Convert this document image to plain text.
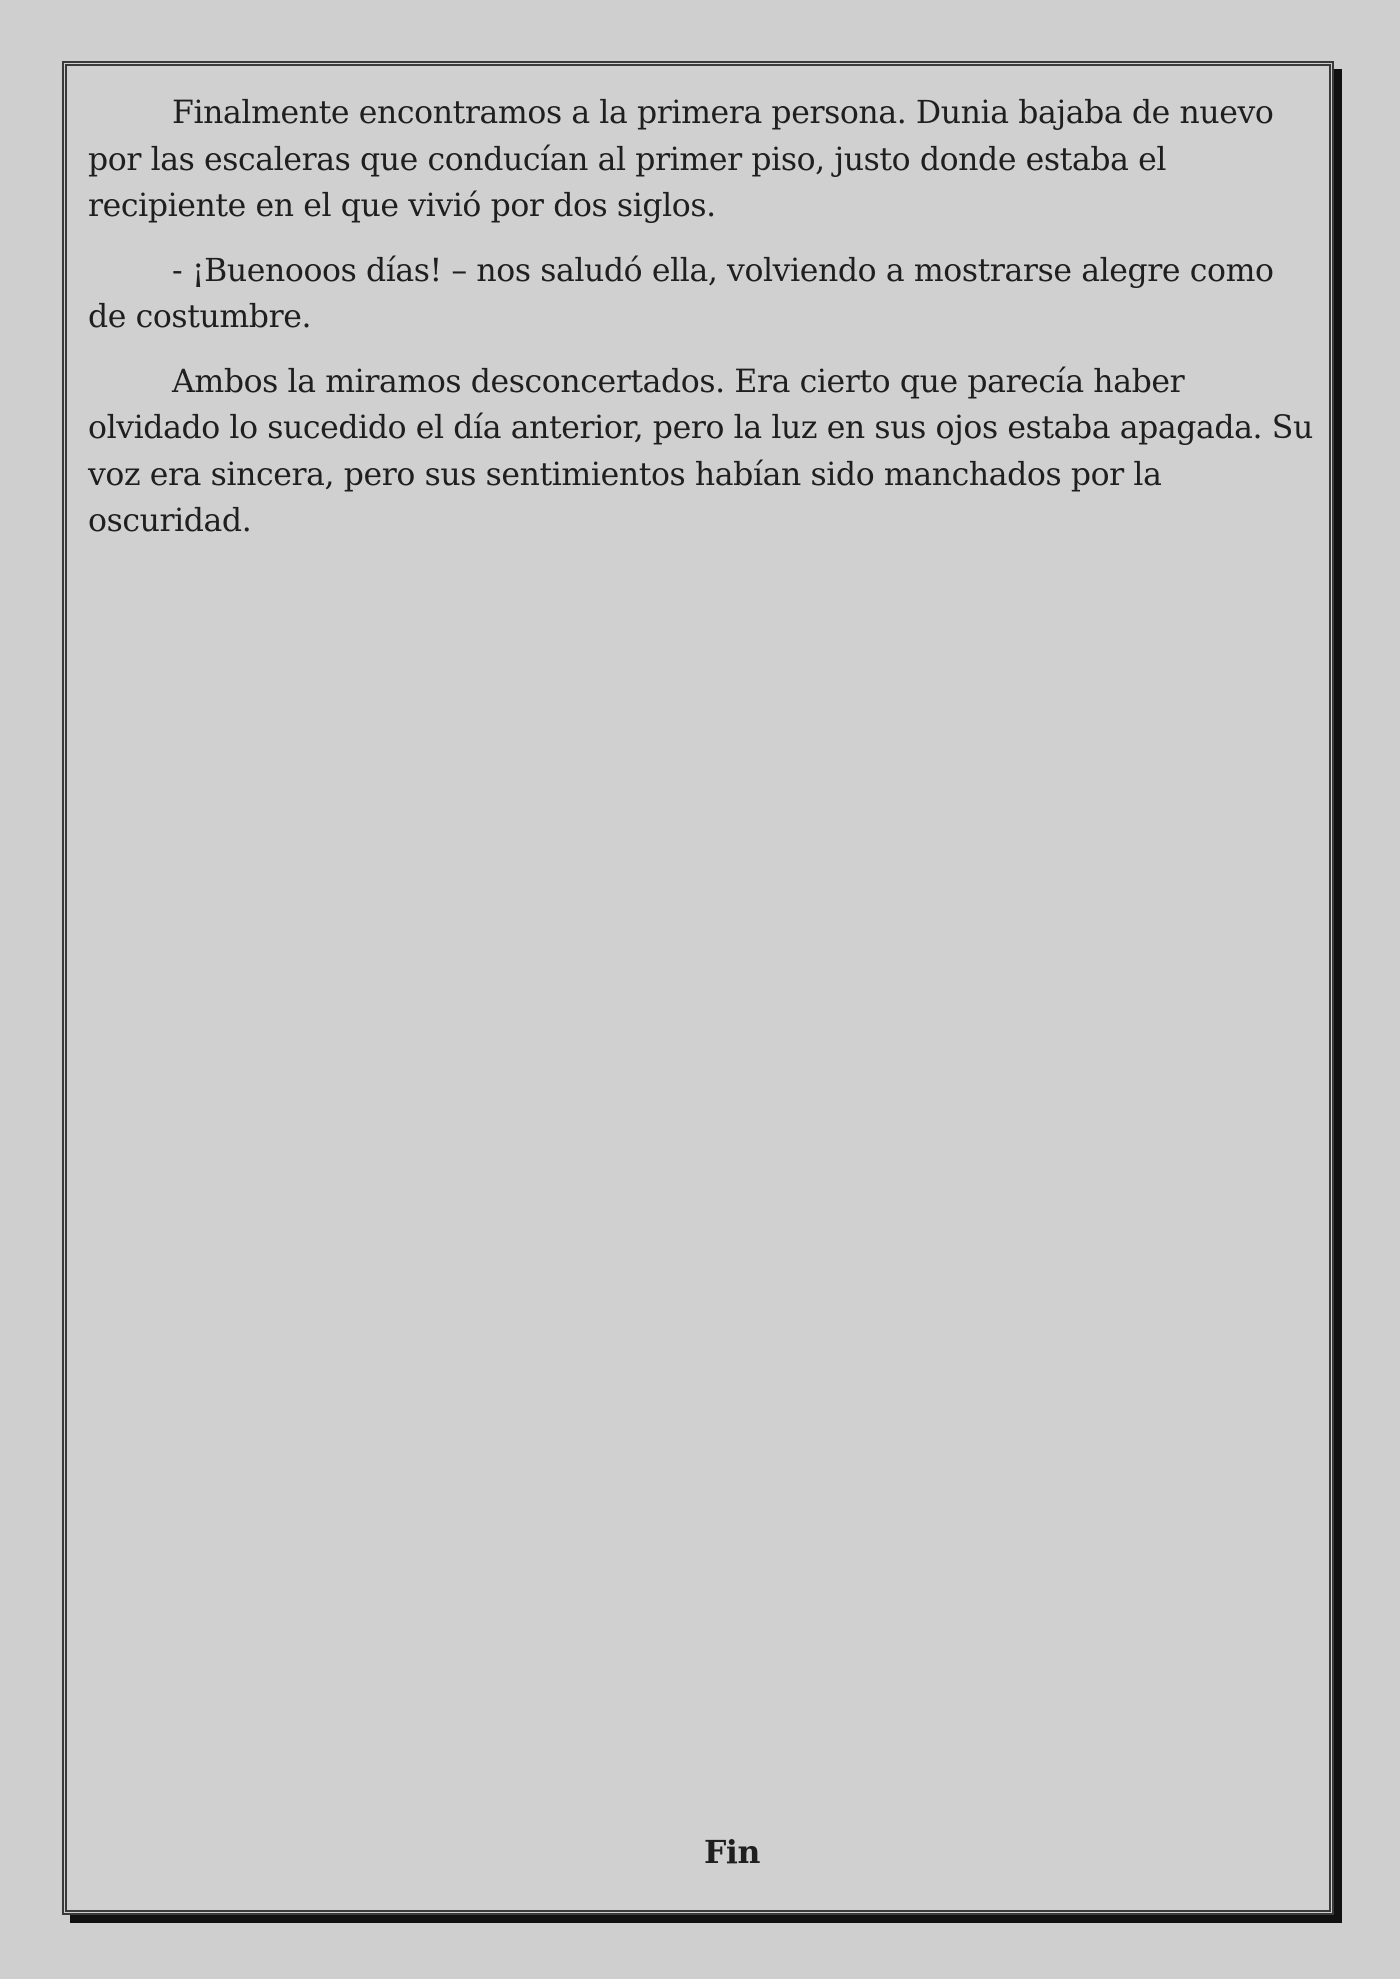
Finalmente encontramos a la primera persona. Dunia bajaba de nuevo por las escaleras que conducían al primer piso, justo donde estaba el recipiente en el que vivió por dos siglos.

- ¡Buenooos días! – nos saludó ella, volviendo a mostrarse alegre como de costumbre.

Ambos la miramos desconcertados. Era cierto que parecía haber olvidado lo sucedido el día anterior, pero la luz en sus ojos estaba apagada. Su voz era sincera, pero sus sentimientos habían sido manchados por la oscuridad.

Fin
